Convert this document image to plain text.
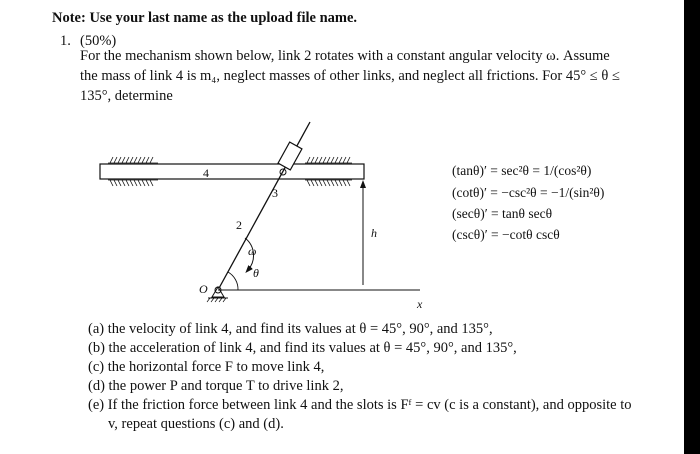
Note: Use your last name as the upload file name.
1. (50%)
For the mechanism shown below, link 2 rotates with a constant angular velocity ω. Assume
the mass of link 4 is m₄, neglect masses of other links, and neglect all frictions. For 45° ≤ θ ≤
135°, determine
4
3
2
ω
θ
O
h
x
(tanθ)′ = sec²θ = 1/(cos²θ)
(cotθ)′ = −csc²θ = −1/(sin²θ)
(secθ)′ = tanθ secθ
(cscθ)′ = −cotθ cscθ
(a) the velocity of link 4, and find its values at θ = 45°, 90°, and 135°,
(b) the acceleration of link 4, and find its values at θ = 45°, 90°, and 135°,
(c) the horizontal force F to move link 4,
(d) the power P and torque T to drive link 2,
(e) If the friction force between link 4 and the slots is Fᶠ = cv (c is a constant), and opposite to
v, repeat questions (c) and (d).
